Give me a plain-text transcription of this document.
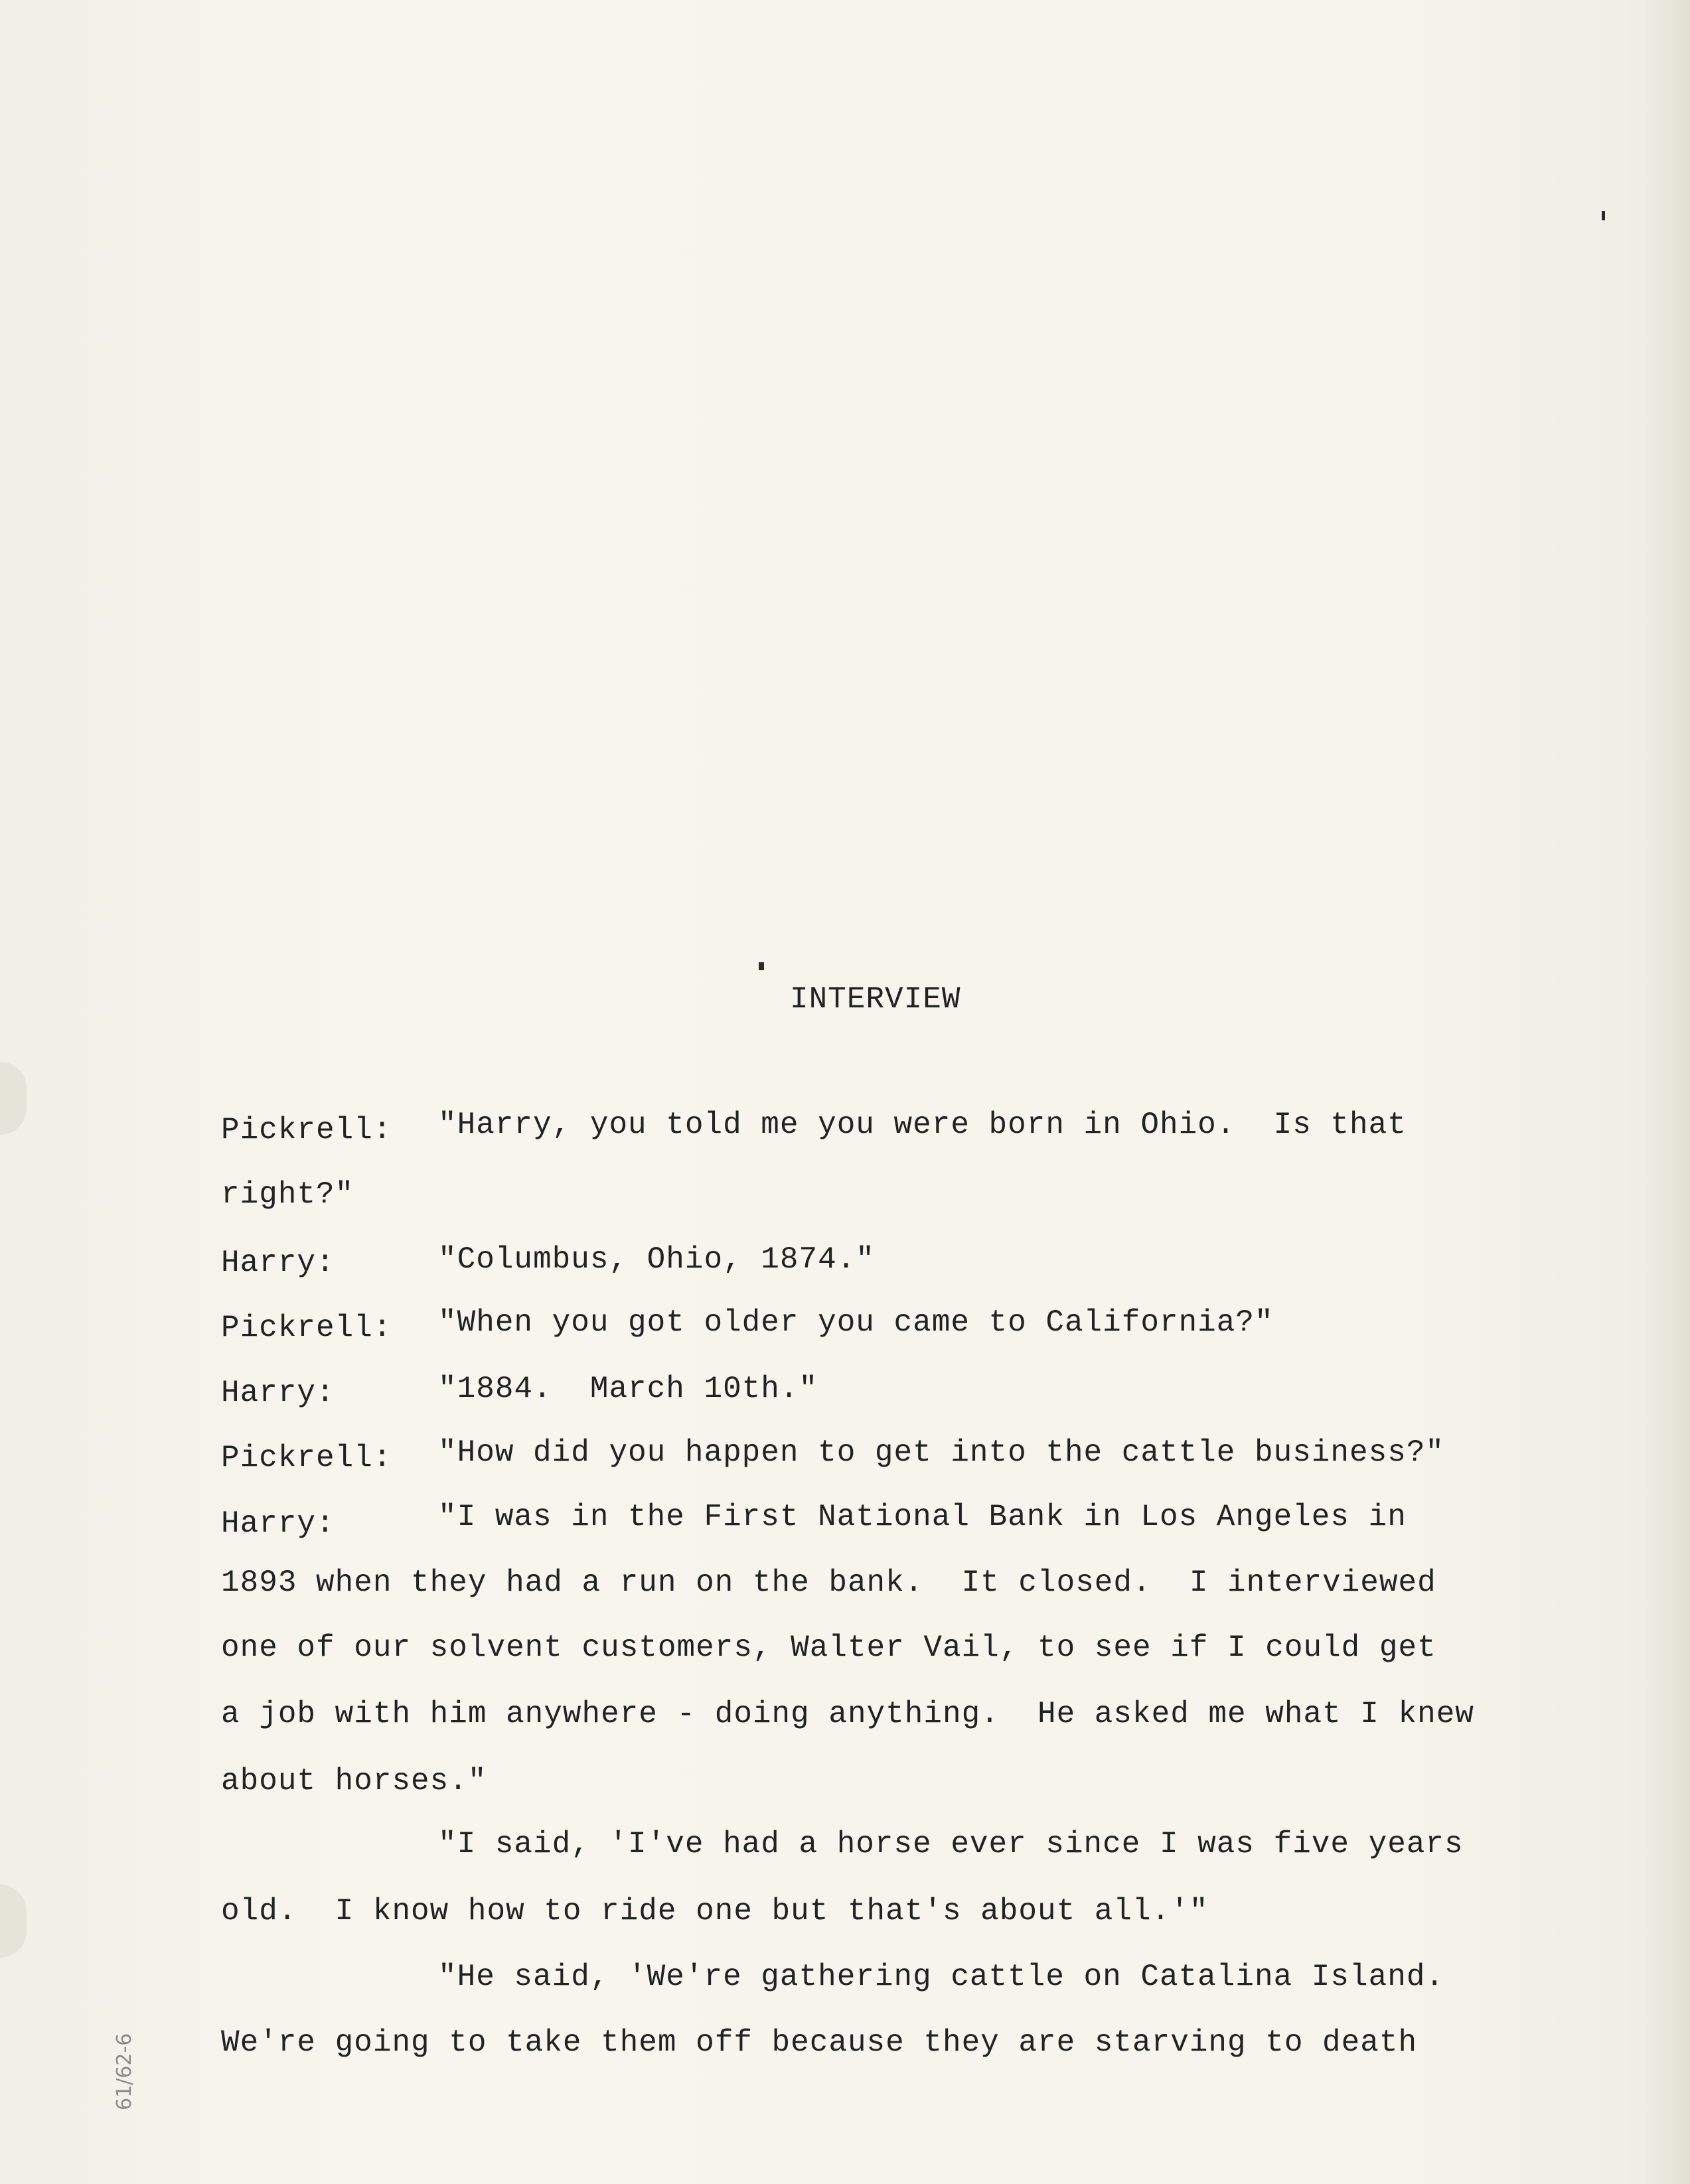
INTERVIEW
Pickrell: "Harry, you told me you were born in Ohio.  Is that
right?"
Harry:	"Columbus, Ohio, 1874."
Pickrell: "When you got older you came to California?"
Harry:	"1884.  March 10th."
Pickrell: "How did you happen to get into the cattle business?"
Harry:	"I was in the First National Bank in Los Angeles in
1893 when they had a run on the bank.  It closed.  I interviewed
one of our solvent customers, Walter Vail, to see if I could get
a job with him anywhere - doing anything.  He asked me what I knew
about horses."
"I said, 'I've had a horse ever since I was five years
old.  I know how to ride one but that's about all.'"
"He said, 'We're gathering cattle on Catalina Island.
We're going to take them off because they are starving to death
61/62-6
